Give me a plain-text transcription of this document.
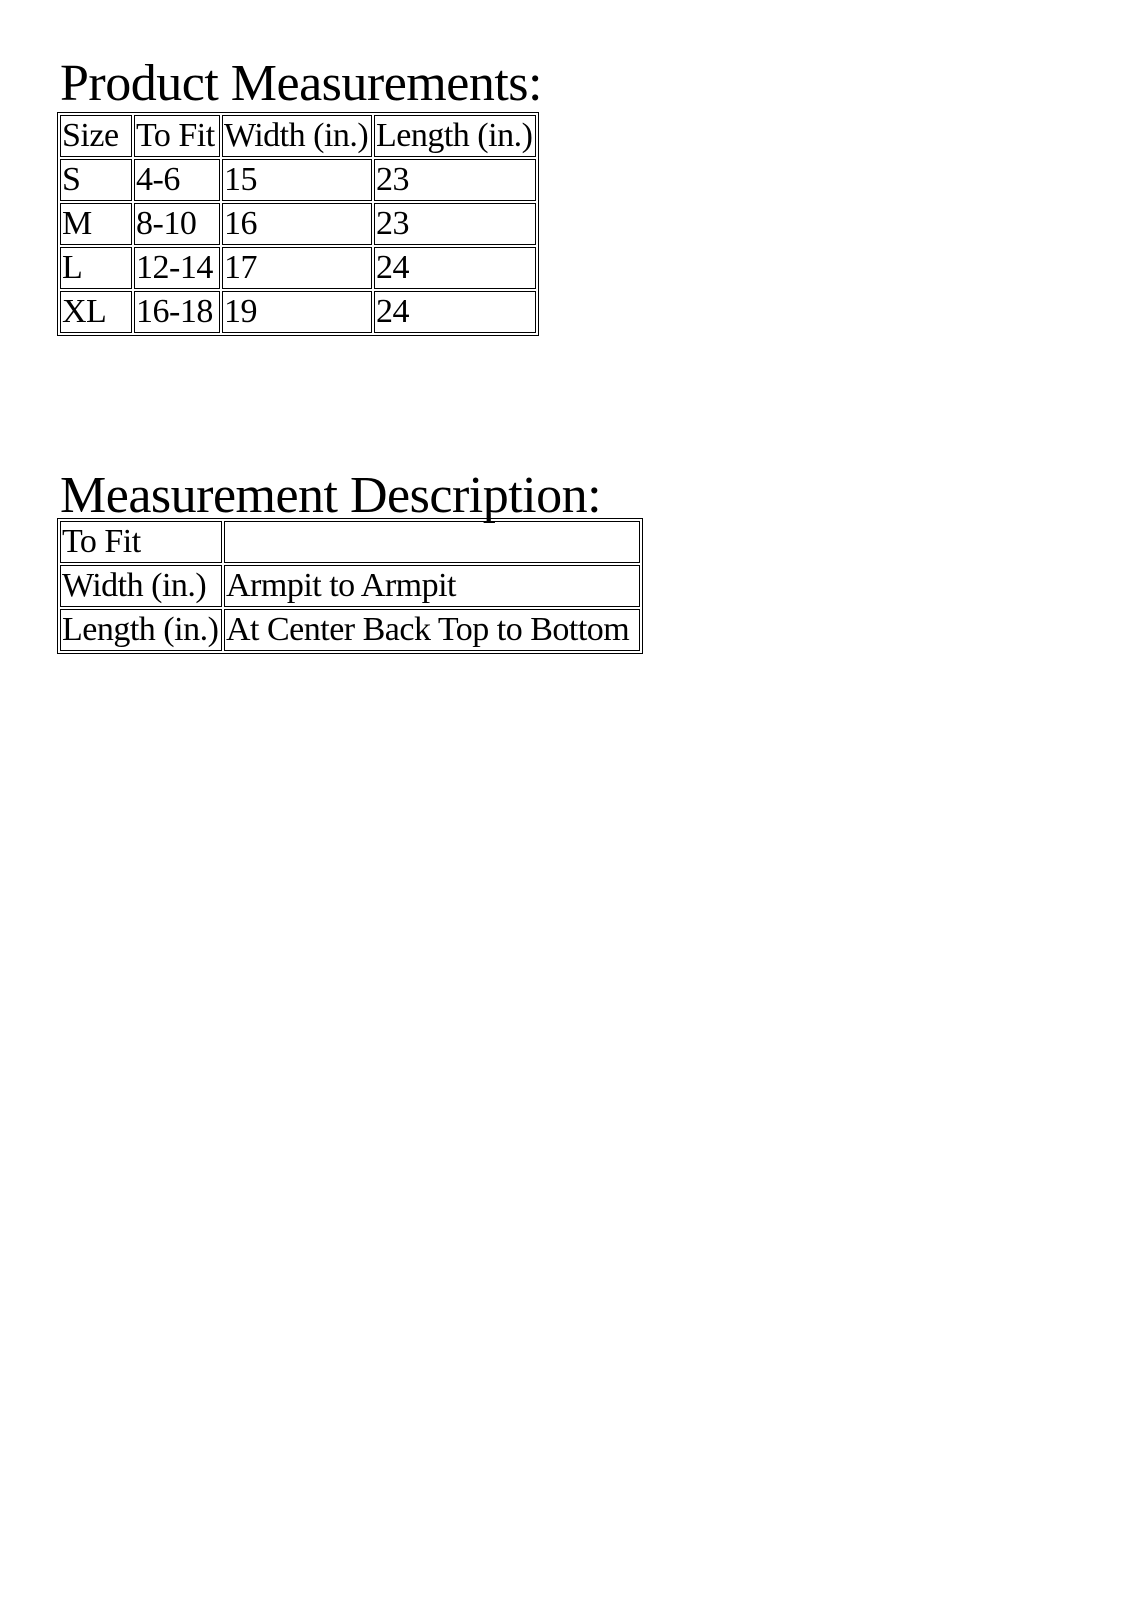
Product Measurements:
Size	To Fit	Width (in.)	Length (in.)
S	4-6	15	23
M	8-10	16	23
L	12-14	17	24
XL	16-18	19	24
Measurement Description:
To Fit	
Width (in.)	Armpit to Armpit
Length (in.)	At Center Back Top to Bottom
